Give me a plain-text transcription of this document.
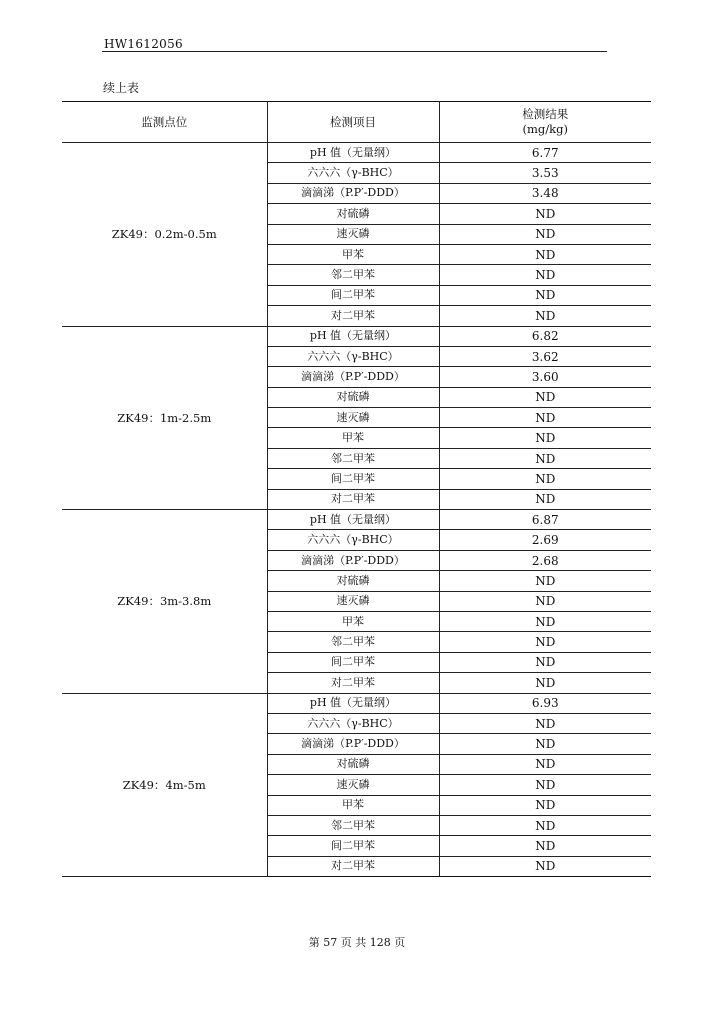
HW1612056
续上表
监测点位	检测项目	检测结果
(mg/kg)

ZK49：0.2m-0.5m	pH 值（无量纲）	6.77
	六六六（γ-BHC）	3.53
	滴滴涕（P.P′-DDD）	3.48
	对硫磷	ND
	速灭磷	ND
	甲苯	ND
	邻二甲苯	ND
	间二甲苯	ND
	对二甲苯	ND
ZK49：1m-2.5m	pH 值（无量纲）	6.82
	六六六（γ-BHC）	3.62
	滴滴涕（P.P′-DDD）	3.60
	对硫磷	ND
	速灭磷	ND
	甲苯	ND
	邻二甲苯	ND
	间二甲苯	ND
	对二甲苯	ND
ZK49：3m-3.8m	pH 值（无量纲）	6.87
	六六六（γ-BHC）	2.69
	滴滴涕（P.P′-DDD）	2.68
	对硫磷	ND
	速灭磷	ND
	甲苯	ND
	邻二甲苯	ND
	间二甲苯	ND
	对二甲苯	ND
ZK49：4m-5m	pH 值（无量纲）	6.93
	六六六（γ-BHC）	ND
	滴滴涕（P.P′-DDD）	ND
	对硫磷	ND
	速灭磷	ND
	甲苯	ND
	邻二甲苯	ND
	间二甲苯	ND
	对二甲苯	ND
第 57 页 共 128 页
